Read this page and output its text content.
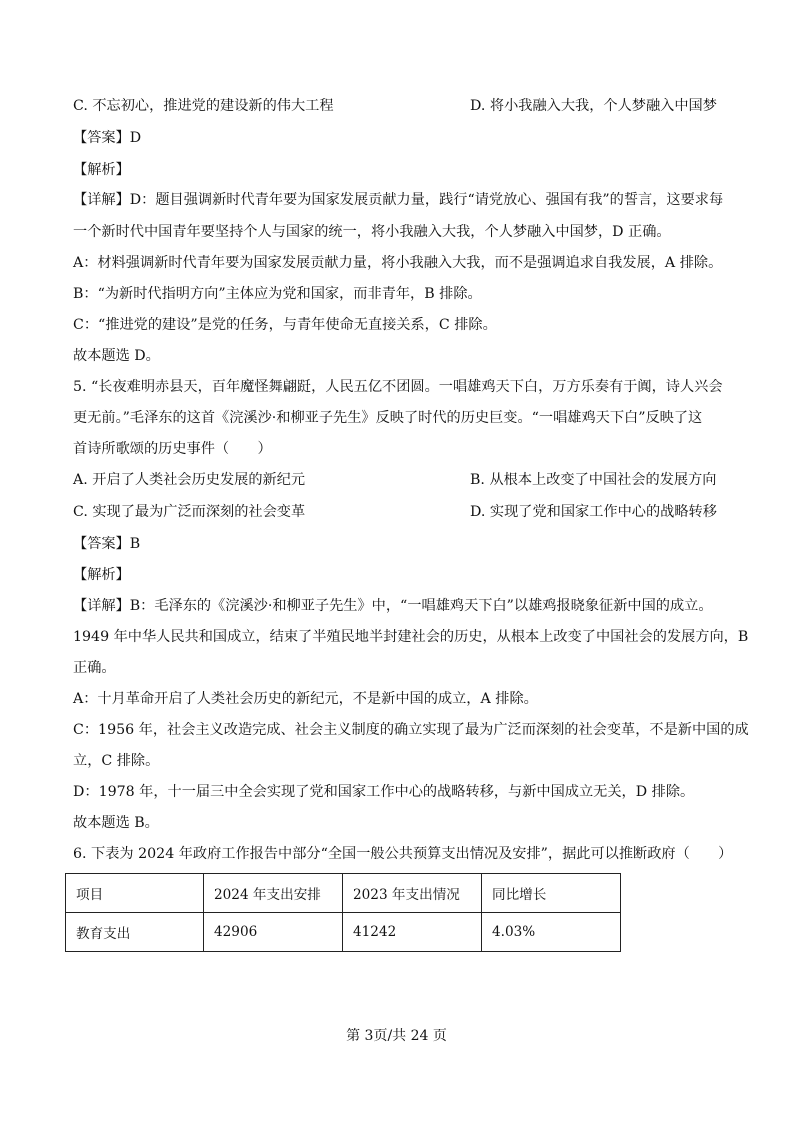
C. 不忘初心，推进党的建设新的伟大工程	D. 将小我融入大我，个人梦融入中国梦
【答案】D
【解析】
【详解】D：题目强调新时代青年要为国家发展贡献力量，践行“请党放心、强国有我”的誓言，这要求每
一个新时代中国青年要坚持个人与国家的统一，将小我融入大我，个人梦融入中国梦，D 正确。
A：材料强调新时代青年要为国家发展贡献力量，将小我融入大我，而不是强调追求自我发展，A 排除。
B：“为新时代指明方向”主体应为党和国家，而非青年，B 排除。
C：“推进党的建设”是党的任务，与青年使命无直接关系，C 排除。
故本题选 D。
5. “长夜难明赤县天，百年魔怪舞翩跹，人民五亿不团圆。一唱雄鸡天下白，万方乐奏有于阗，诗人兴会
更无前。”毛泽东的这首《浣溪沙·和柳亚子先生》反映了时代的历史巨变。“一唱雄鸡天下白”反映了这
首诗所歌颂的历史事件（　　）
A. 开启了人类社会历史发展的新纪元	B. 从根本上改变了中国社会的发展方向
C. 实现了最为广泛而深刻的社会变革	D. 实现了党和国家工作中心的战略转移
【答案】B
【解析】
【详解】B：毛泽东的《浣溪沙·和柳亚子先生》中，“一唱雄鸡天下白”以雄鸡报晓象征新中国的成立。
1949 年中华人民共和国成立，结束了半殖民地半封建社会的历史，从根本上改变了中国社会的发展方向，B
正确。
A：十月革命开启了人类社会历史的新纪元，不是新中国的成立，A 排除。
C：1956 年，社会主义改造完成、社会主义制度的确立实现了最为广泛而深刻的社会变革，不是新中国的成
立，C 排除。
D：1978 年，十一届三中全会实现了党和国家工作中心的战略转移，与新中国成立无关，D 排除。
故本题选 B。
6. 下表为 2024 年政府工作报告中部分“全国一般公共预算支出情况及安排”，据此可以推断政府（　　）
项目	2024 年支出安排	2023 年支出情况	同比增长
教育支出	42906	41242	4.03%
第 3页/共 24 页
